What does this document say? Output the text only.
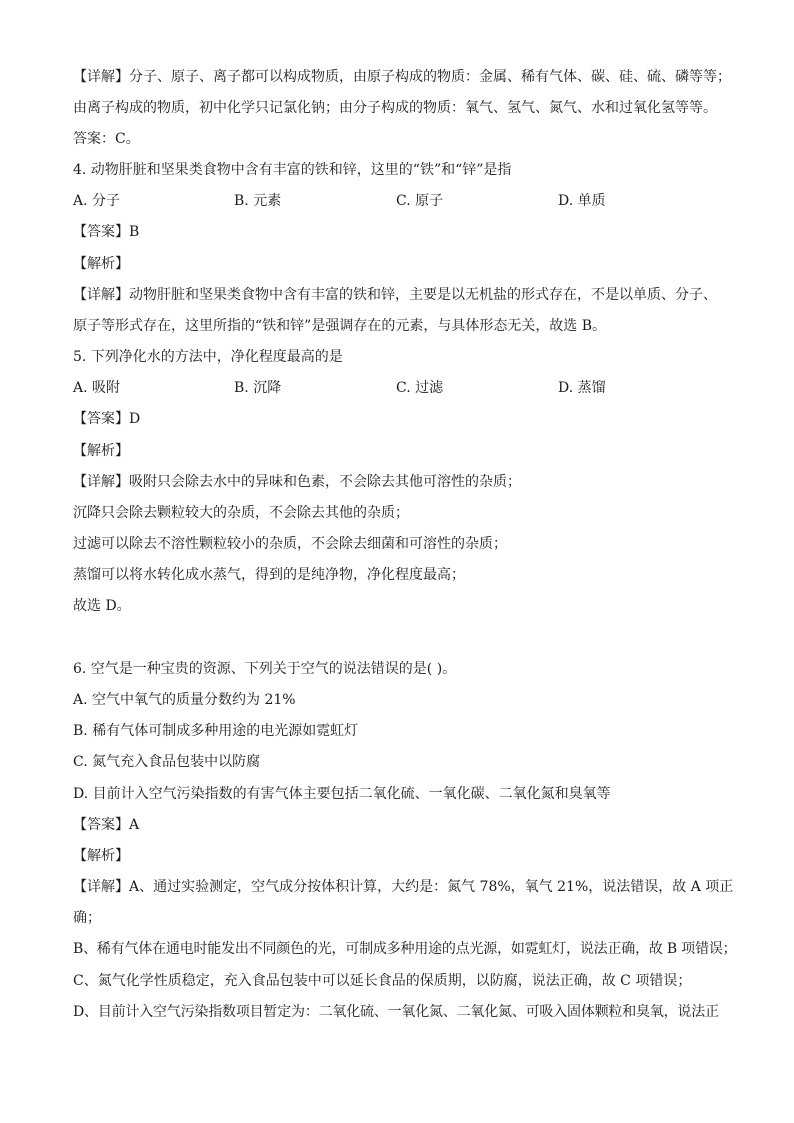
【详解】分子、原子、离子都可以构成物质，由原子构成的物质：金属、稀有气体、碳、硅、硫、磷等等；
由离子构成的物质，初中化学只记氯化钠；由分子构成的物质：氧气、氢气、氮气、水和过氧化氢等等。
答案：C。
4. 动物肝脏和坚果类食物中含有丰富的铁和锌，这里的“铁”和“锌”是指
A. 分子	B. 元素	C. 原子	D. 单质
【答案】B
【解析】
【详解】动物肝脏和坚果类食物中含有丰富的铁和锌，主要是以无机盐的形式存在，不是以单质、分子、
原子等形式存在，这里所指的“铁和锌”是强调存在的元素，与具体形态无关，故选 B。
5. 下列净化水的方法中，净化程度最高的是
A. 吸附	B. 沉降	C. 过滤	D. 蒸馏
【答案】D
【解析】
【详解】吸附只会除去水中的异味和色素，不会除去其他可溶性的杂质；
沉降只会除去颗粒较大的杂质，不会除去其他的杂质；
过滤可以除去不溶性颗粒较小的杂质，不会除去细菌和可溶性的杂质；
蒸馏可以将水转化成水蒸气，得到的是纯净物，净化程度最高；
故选 D。
6. 空气是一种宝贵的资源、下列关于空气的说法错误的是( )。
A. 空气中氧气的质量分数约为 21%
B. 稀有气体可制成多种用途的电光源如霓虹灯
C. 氮气充入食品包装中以防腐
D. 目前计入空气污染指数的有害气体主要包括二氧化硫、一氧化碳、二氧化氮和臭氧等
【答案】A
【解析】
【详解】A、通过实验测定，空气成分按体积计算，大约是：氮气 78%，氧气 21%，说法错误，故 A 项正
确；
B、稀有气体在通电时能发出不同颜色的光，可制成多种用途的点光源，如霓虹灯，说法正确，故 B 项错误；
C、氮气化学性质稳定，充入食品包装中可以延长食品的保质期，以防腐，说法正确，故 C 项错误；
D、目前计入空气污染指数项目暂定为：二氧化硫、一氧化氮、二氧化氮、可吸入固体颗粒和臭氧，说法正
